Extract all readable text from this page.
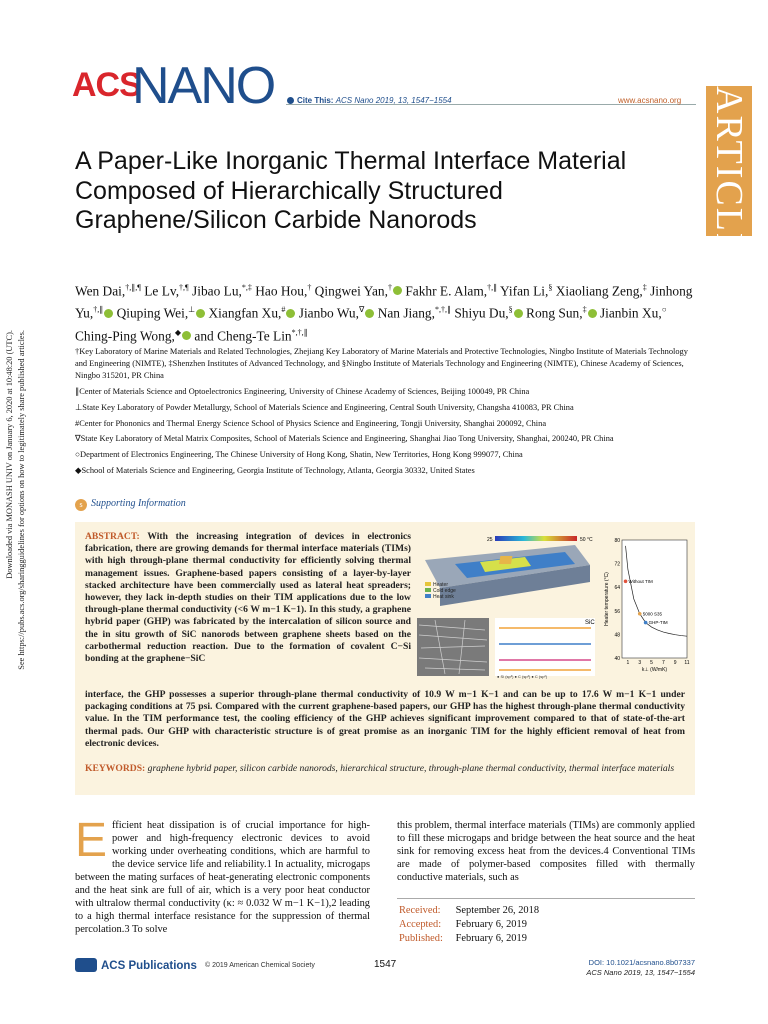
Downloaded via MONASH UNIV on January 6, 2020 at 10:48:20 (UTC). See https://pubs.acs.org/sharingguidelines for options on how to legitimately share published articles.
ACS
NANO	Cite This: ACS Nano 2019, 13, 1547−1554	www.acsnano.org ARTICLE
A Paper-Like Inorganic Thermal Interface Material Composed of Hierarchically Structured Graphene/Silicon Carbide Nanorods
Wen Dai,†,∥,¶ Le Lv,†,¶ Jibao Lu,*,‡ Hao Hou,† Qingwei Yan,† Fakhr E. Alam,†,∥ Yifan Li,§ Xiaoliang Zeng,‡ Jinhong Yu,†,∥ Qiuping Wei,⊥ Xiangfan Xu,# Jianbo Wu,∇ Nan Jiang,*,†,∥ Shiyu Du,§ Rong Sun,‡ Jianbin Xu,○ Ching-Ping Wong,◆ and Cheng-Te Lin*,†,∥

†Key Laboratory of Marine Materials and Related Technologies, Zhejiang Key Laboratory of Marine Materials and Protective Technologies, Ningbo Institute of Materials Technology and Engineering (NIMTE), ‡Shenzhen Institutes of Advanced Technology, and §Ningbo Institute of Materials Technology and Engineering (NIMTE), Chinese Academy of Sciences, Ningbo 315201, PR China

∥Center of Materials Science and Optoelectronics Engineering, University of Chinese Academy of Sciences, Beijing 100049, PR China

⊥State Key Laboratory of Powder Metallurgy, School of Materials Science and Engineering, Central South University, Changsha 410083, PR China

#Center for Phononics and Thermal Energy Science School of Physics Science and Engineering, Tongji University, Shanghai 200092, China

∇State Key Laboratory of Metal Matrix Composites, School of Materials Science and Engineering, Shanghai Jiao Tong University, Shanghai, 200240, PR China

○Department of Electronics Engineering, The Chinese University of Hong Kong, Shatin, New Territories, Hong Kong 999077, China

◆School of Materials Science and Engineering, Georgia Institute of Technology, Atlanta, Georgia 30332, United States

s Supporting Information
ABSTRACT: With the increasing integration of devices in electronics fabrication, there are growing demands for thermal interface materials (TIMs) with high through-plane thermal conductivity for efficiently solving thermal management issues. Graphene-based papers consisting of a layer-by-layer stacked architecture have been commercially used as lateral heat spreaders; however, they lack in-depth studies on their TIM applications due to the low through-plane thermal conductivity (<6 W m−1 K−1). In this study, a graphene hybrid paper (GHP) was fabricated by the intercalation of silicon source and the in situ growth of SiC nanorods between graphene sheets based on the carbothermal reduction reaction. Due to the formation of covalent C−Si bonding at the graphene−SiC
interface, the GHP possesses a superior through-plane thermal conductivity of 10.9 W m−1 K−1 and can be up to 17.6 W m−1 K−1 under packaging conditions at 75 psi. Compared with the current graphene-based papers, our GHP has the highest through-plane thermal conductivity value. In the TIM performance test, the cooling efficiency of the GHP achieves significant improvement compared to that of state-of-the-art thermal pads. Our GHP with characteristic structure is of great promise as an inorganic TIM for the highly efficient removal of heat from electronic devices.
KEYWORDS: graphene hybrid paper, silicon carbide nanorods, hierarchical structure, through-plane thermal conductivity, thermal interface materials
25	50 °C
Heater
Cold edge
Heat sink
SiC
● Si (sp³) ● C (sp³) ● C (sp²)
40
48
56
64
72
80
1 3 5 7 9 11
Without TIM
5000 S35
GHP-TIM
Heater temperature (°C)
k⊥ (W/mK)
Efficient heat dissipation is of crucial importance for high-power and high-frequency electronic devices to avoid working under overheating conditions, which are harmful to the device service life and reliability.1 In actuality, microgaps between the mating surfaces of heat-generating electronic components and the heat sink are full of air, which is a very poor heat conductor with ultralow thermal conductivity (κ: ≈ 0.032 W m−1 K−1),2 leading to a high thermal interface resistance for the suppression of thermal percolation.3 To solve
this problem, thermal interface materials (TIMs) are commonly applied to fill these microgaps and bridge between the heat source and the heat sink for removing excess heat from the devices.4 Conventional TIMs are made of polymer-based composites filled with thermally conductive materials, such as
Received: September 26, 2018
Accepted: February 6, 2019
Published: February 6, 2019
ACS Publications © 2019 American Chemical Society	1547	DOI: 10.1021/acsnano.8b07337
ACS Nano 2019, 13, 1547−1554
